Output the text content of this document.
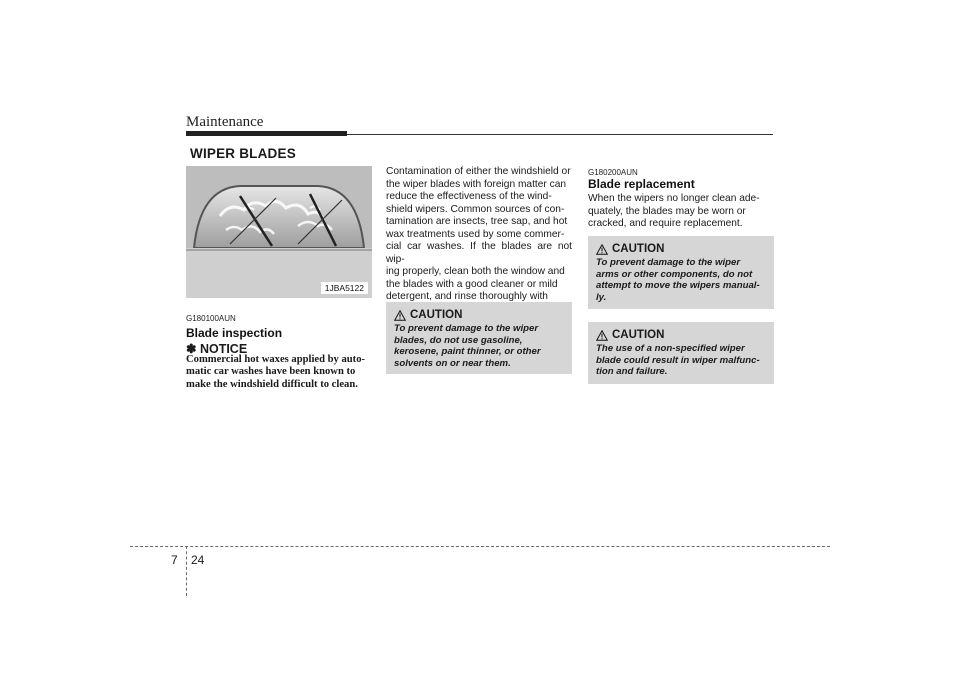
Maintenance
WIPER BLADES
1JBA5122
G180100AUN
Blade inspection
✽ NOTICE
Commercial hot waxes applied by auto-
matic car washes have been known to
make the windshield difficult to clean.
Contamination of either the windshield or
the wiper blades with foreign matter can
reduce the effectiveness of the wind-
shield wipers. Common sources of con-
tamination are insects, tree sap, and hot
wax treatments used by some commer-
cial car washes. If the blades are not wip-
ing properly, clean both the window and
the blades with a good cleaner or mild
detergent, and rinse thoroughly with
CAUTION
To prevent damage to the wiper
blades, do not use gasoline,
kerosene, paint thinner, or other
solvents on or near them.
G180200AUN
Blade replacement
When the wipers no longer clean ade-
quately, the blades may be worn or
cracked, and require replacement.
CAUTION
To prevent damage to the wiper
arms or other components, do not
attempt to move the wipers manual-
ly.
CAUTION
The use of a non-specified wiper
blade could result in wiper malfunc-
tion and failure.
7 24
